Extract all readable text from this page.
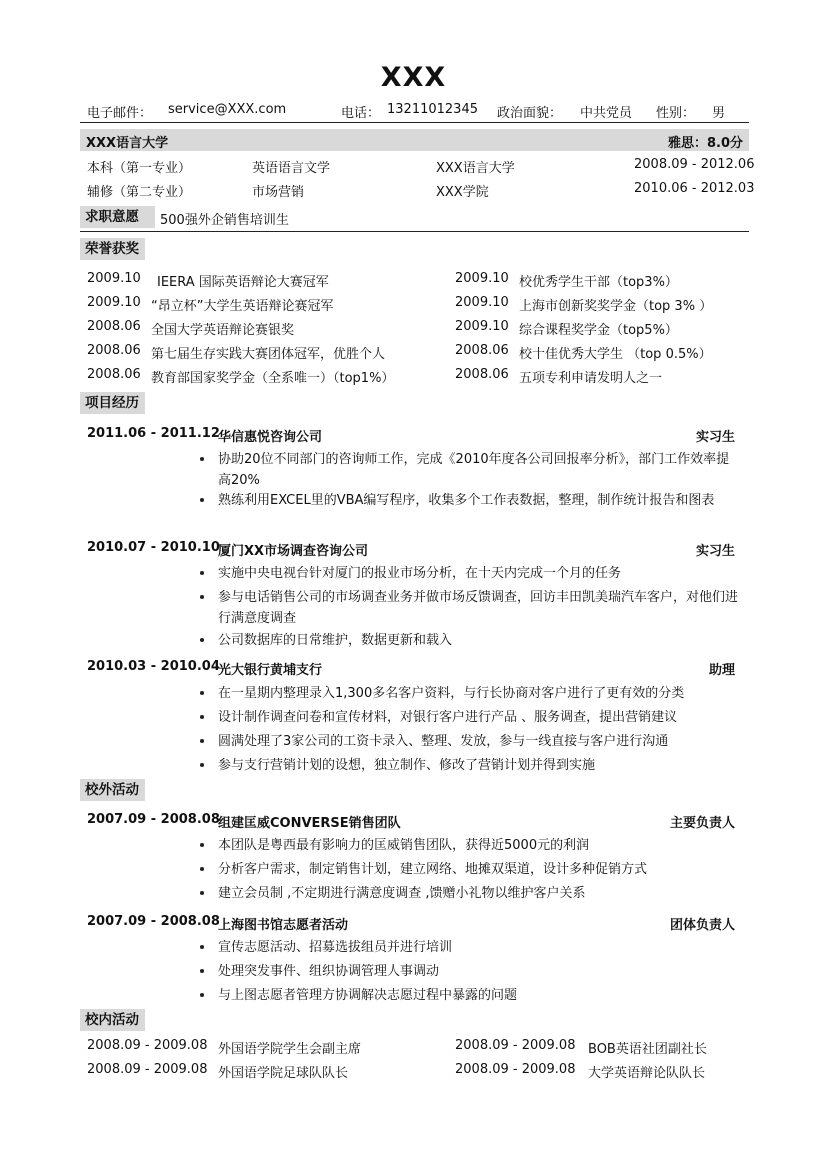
XXX
电子邮件： service@XXX.com	电话： 13211012345 政治面貌： 中共党员 性别： 男
XXX语言大学	雅思：8.0分
本科（第一专业）	英语语言文学	XXX语言大学	2008.09 - 2012.06
辅修（第二专业）	市场营销	XXX学院	2010.06 - 2012.03
求职意愿	500强外企销售培训生
荣誉获奖
2009.10 IEERA 国际英语辩论大赛冠军
2009.10 “昂立杯”大学生英语辩论赛冠军
2008.06 全国大学英语辩论赛银奖
2008.06 第七届生存实践大赛团体冠军，优胜个人
2008.06 教育部国家奖学金（全系唯一）（top1%）
2009.10 校优秀学生干部（top3%）
2009.10 上海市创新奖奖学金（top 3% ）
2009.10 综合课程奖学金（top5%）
2008.06 校十佳优秀大学生 （top 0.5%）
2008.06 五项专利申请发明人之一
项目经历
2011.06 - 2011.12
华信惠悦咨询公司	实习生
协助20位不同部门的咨询师工作，完成《2010年度各公司回报率分析》，部门工作效率提高20%
熟练利用EXCEL里的VBA编写程序，收集多个工作表数据，整理，制作统计报告和图表
2010.07 - 2010.10
厦门XX市场调查咨询公司	实习生
实施中央电视台针对厦门的报业市场分析，在十天内完成一个月的任务
参与电话销售公司的市场调查业务并做市场反馈调查，回访丰田凯美瑞汽车客户，对他们进行满意度调查
公司数据库的日常维护，数据更新和载入
2010.03 - 2010.04
光大银行黄埔支行	助理
在一星期内整理录入1,300多名客户资料，与行长协商对客户进行了更有效的分类
设计制作调查问卷和宣传材料，对银行客户进行产品 、服务调查，提出营销建议
圆满处理了3家公司的工资卡录入、整理、发放，参与一线直接与客户进行沟通
参与支行营销计划的设想，独立制作、修改了营销计划并得到实施
校外活动
2007.09 - 2008.08
组建匡威CONVERSE销售团队	主要负责人
本团队是粤西最有影响力的匡威销售团队，获得近5000元的利润
分析客户需求，制定销售计划，建立网络、地摊双渠道，设计多种促销方式
建立会员制 ,不定期进行满意度调查 ,馈赠小礼物以维护客户关系
2007.09 - 2008.08
上海图书馆志愿者活动	团体负责人
宣传志愿活动、招募选拔组员并进行培训
处理突发事件、组织协调管理人事调动
与上图志愿者管理方协调解决志愿过程中暴露的问题
校内活动
2008.09 - 2009.08 外国语学院学生会副主席
2008.09 - 2009.08 外国语学院足球队队长
2008.09 - 2009.08 BOB英语社团副社长
2008.09 - 2009.08 大学英语辩论队队长
